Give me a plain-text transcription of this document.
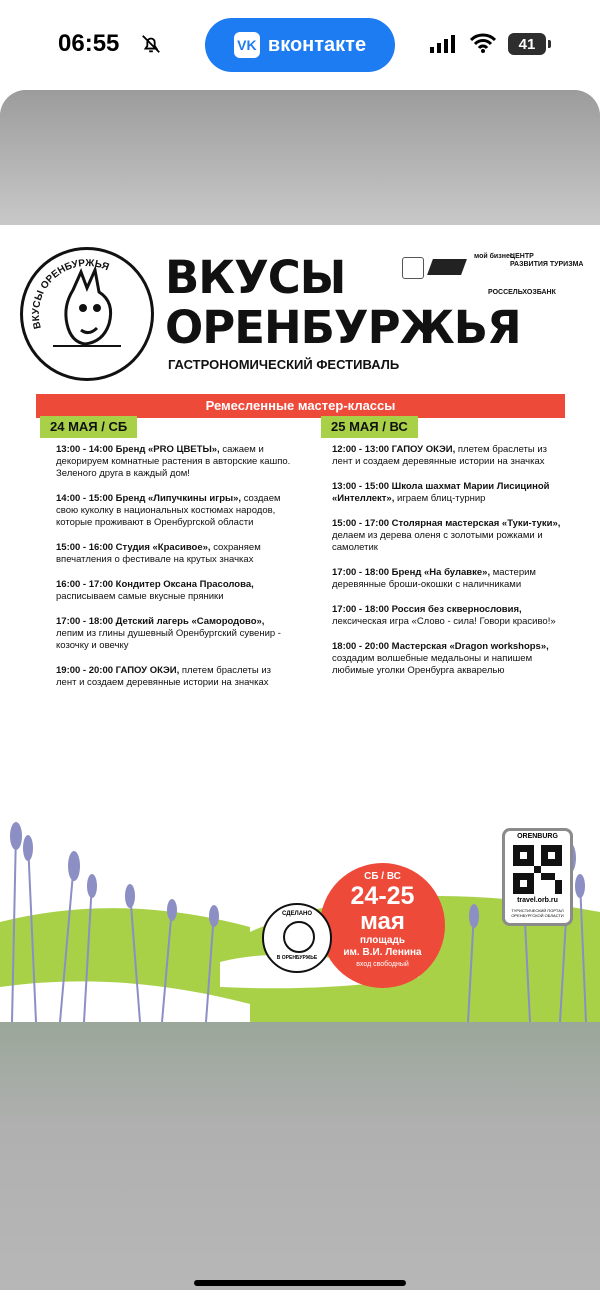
06:55	VK вконтакте	41
ВКУСЫ ОРЕНБУРЖЬЯ ВКУСЫ
ОРЕНБУРЖЬЯ
ГАСТРОНОМИЧЕСКИЙ ФЕСТИВАЛЬ
мой бизнес
ЦЕНТР
РАЗВИТИЯ ТУРИЗМА
РОССЕЛЬХОЗБАНК
Ремесленные мастер-классы
24 МАЯ / СБ	25 МАЯ / ВС
13:00 - 14:00 Бренд «PRO ЦВЕТЫ», сажаем и декорируем комнатные растения в авторские кашпо. Зеленого друга в каждый дом!
14:00 - 15:00 Бренд «Липучкины игры», создаем свою куколку в национальных костюмах народов, которые проживают в Оренбургской области
15:00 - 16:00 Студия «Красивое», сохраняем впечатления о фестивале на крутых значках
16:00 - 17:00 Кондитер Оксана Прасолова, расписываем самые вкусные пряники
17:00 - 18:00 Детский лагерь «Самородово», лепим из глины душевный Оренбургский сувенир - козочку и овечку
19:00 - 20:00 ГАПОУ ОКЭИ, плетем браслеты из лент и создаем деревянные истории на значках
12:00 - 13:00 ГАПОУ ОКЭИ, плетем браслеты из лент и создаем деревянные истории на значках
13:00 - 15:00 Школа шахмат Марии Лисициной «Интеллект», играем блиц-турнир
15:00 - 17:00 Столярная мастерская «Туки-туки», делаем из дерева оленя с золотыми рожками и самолетик
17:00 - 18:00 Бренд «На булавке», мастерим деревянные броши-окошки с наличниками
17:00 - 18:00 Россия без сквернословия, лексическая игра «Слово - сила! Говори красиво!»
18:00 - 20:00 Мастерская «Dragon workshops», создадим волшебные медальоны и напишем любимые уголки Оренбурга акварелью
ORENBURG
travel.orb.ru
ТУРИСТИЧЕСКИЙ ПОРТАЛ ОРЕНБУРГСКОЙ ОБЛАСТИ
СБ / ВС
24-25
мая
площадь
им. В.И. Ленина
вход свободный
СДЕЛАНО
В ОРЕНБУРЖЬЕ
